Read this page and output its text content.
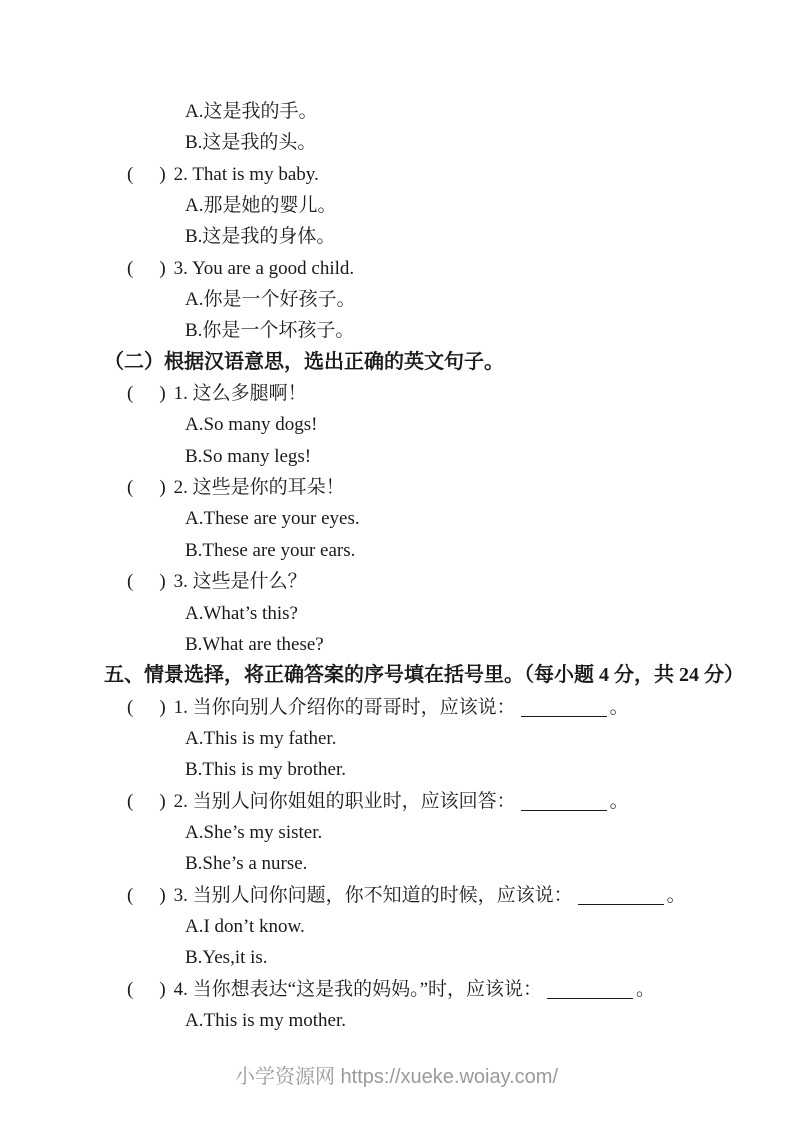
A.这是我的手。
B.这是我的头。
( ) 2. That is my baby.
A.那是她的婴儿。
B.这是我的身体。
( ) 3. You are a good child.
A.你是一个好孩子。
B.你是一个坏孩子。
（二）根据汉语意思，选出正确的英文句子。
( ) 1. 这么多腿啊！
A.So many dogs!
B.So many legs!
( ) 2. 这些是你的耳朵！
A.These are your eyes.
B.These are your ears.
( ) 3. 这些是什么？
A.What’s this?
B.What are these?
五、情景选择，将正确答案的序号填在括号里。（每小题 4 分，共 24 分）
( ) 1. 当你向别人介绍你的哥哥时，应该说：	。
A.This is my father.
B.This is my brother.
( ) 2. 当别人问你姐姐的职业时，应该回答：	。
A.She’s my sister.
B.She’s a nurse.
( ) 3. 当别人问你问题，你不知道的时候，应该说：	。
A.I don’t know.
B.Yes,it is.
( ) 4. 当你想表达“这是我的妈妈。”时，应该说：	。
A.This is my mother.
小学资源网 https://xueke.woiay.com/
